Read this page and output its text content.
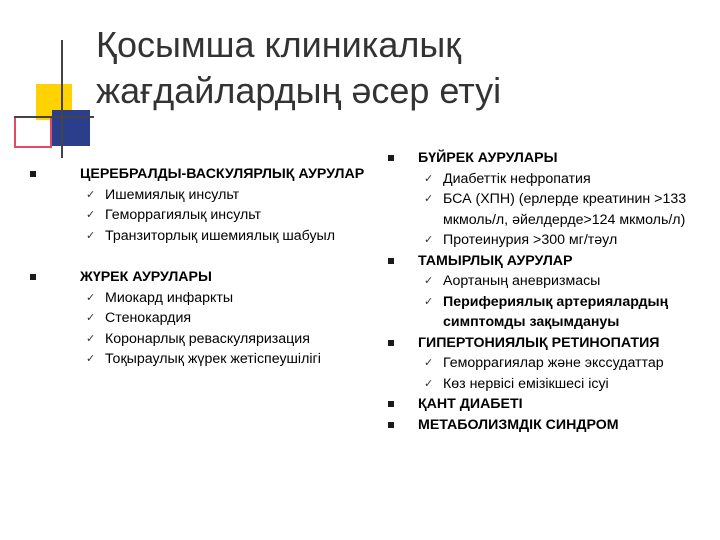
Қосымша клиникалық
жағдайлардың әсер етуі
ЦЕРЕБРАЛДЫ-ВАСКУЛЯРЛЫҚ АУРУЛАР
✓ Ишемиялық инсульт
✓ Геморрагиялық инсульт
✓ Транзиторлық ишемиялық шабуыл
ЖҮРЕК АУРУЛАРЫ
✓ Миокард инфаркты
✓ Стенокардия
✓ Коронарлық реваскуляризация
✓ Тоқыраулық жүрек жетіспеушілігі
БҮЙРЕК АУРУЛАРЫ
✓ Диабеттік нефропатия
✓ БСА (ХПН) (ерлерде креатинин >133 мкмоль/л, әйелдерде>124 мкмоль/л)
✓ Протеинурия >300 мг/тәул
ТАМЫРЛЫҚ АУРУЛАР
✓ Аортаның аневризмасы
✓ Перифериялық артериялардың симптомды зақымдануы
ГИПЕРТОНИЯЛЫҚ РЕТИНОПАТИЯ
✓ Геморрагиялар және экссудаттар
✓ Көз нервісі емізікшесі ісуі
ҚАНТ ДИАБЕТІ
МЕТАБОЛИЗМДІК СИНДРОМ
